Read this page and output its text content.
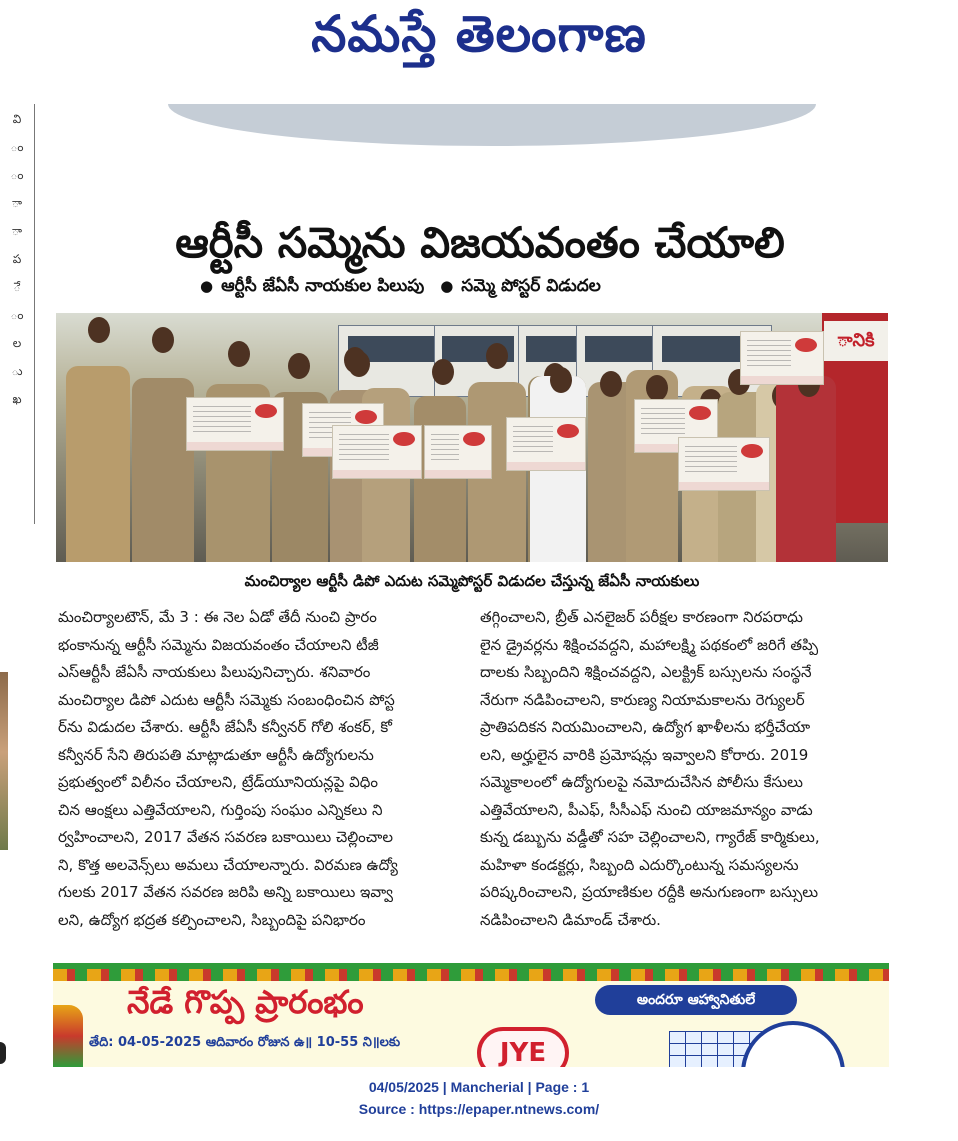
నమస్తే తెలంగాణ
వి
ం
ం
ా
ా
ప
ే
ం
ల
ు
ఖ
ఆర్టీసీ సమ్మెను విజయవంతం చేయాలి
● ఆర్టీసీ జేఏసీ నాయకుల పిలుపు
●	సమ్మె పోస్టర్ విడుదల
ానికి
మంచిర్యాల ఆర్టీసీ డిపో ఎదుట సమ్మెపోస్టర్ విడుదల చేస్తున్న జేఏసీ నాయకులు

మంచిర్యాలటౌన్, మే 3 : ఈ నెల ఏడో తేదీ నుంచి ప్రారం
భంకానున్న ఆర్టీసీ సమ్మెను విజయవంతం చేయాలని టీజీ
ఎస్ఆర్టీసీ జేఏసీ నాయకులు పిలుపునిచ్చారు. శనివారం
మంచిర్యాల డిపో ఎదుట ఆర్టీసీ సమ్మెకు సంబంధించిన పోస్ట
ర్‌ను విడుదల చేశారు. ఆర్టీసీ జేఏసీ కన్వీనర్ గోలి శంకర్, కో
కన్వీనర్ సేని తిరుపతి మాట్లాడుతూ ఆర్టీసీ ఉద్యోగులను
ప్రభుత్వంలో విలీనం చేయాలని, ట్రేడ్‌యూనియన్లపై విధిం
చిన ఆంక్షలు ఎత్తివేయాలని, గుర్తింపు సంఘం ఎన్నికలు ని
ర్వహించాలని, 2017 వేతన సవరణ బకాయిలు చెల్లించాల
ని, కొత్త అలవెన్స్‌లు అమలు చేయాలన్నారు. విరమణ ఉద్యో
గులకు 2017 వేతన సవరణ జరిపి అన్ని బకాయిలు ఇవ్వా
లని, ఉద్యోగ భద్రత కల్పించాలని, సిబ్బందిపై పనిభారం

తగ్గించాలని, బ్రీత్ ఎనలైజర్ పరీక్షల కారణంగా నిరపరాధు
లైన డ్రైవర్లను శిక్షించవద్దని, మహాలక్ష్మి పథకంలో జరిగే తప్పి
దాలకు సిబ్బందిని శిక్షించవద్దని, ఎలక్ట్రిక్ బస్సులను సంస్థనే
నేరుగా నడిపించాలని, కారుణ్య నియామకాలను రెగ్యులర్
ప్రాతిపదికన నియమించాలని, ఉద్యోగ ఖాళీలను భర్తీచేయా
లని, అర్హులైన వారికి ప్రమోషన్లు ఇవ్వాలని కోరారు. 2019
సమ్మెకాలంలో ఉద్యోగులపై నమోదుచేసిన పోలీసు కేసులు
ఎత్తివేయాలని, పీఎఫ్, సీసీఎఫ్ నుంచి యాజమాన్యం వాడు
కున్న డబ్బును వడ్డీతో సహ చెల్లించాలని, గ్యారేజ్ కార్మికులు,
మహిళా కండక్టర్లు, సిబ్బంది ఎదుర్కొంటున్న సమస్యలను
పరిష్కరించాలని, ప్రయాణికుల రద్దీకి అనుగుణంగా బస్సులు
నడిపించాలని డిమాండ్ చేశారు.

నేడే గొప్ప ప్రారంభం	అందరూ ఆహ్వానితులే
తేది: 04-05-2025 ఆదివారం రోజున ఉ॥ 10-55 ని॥లకు	JYE
04/05/2025 | Mancherial | Page : 1
Source : https://epaper.ntnews.com/
